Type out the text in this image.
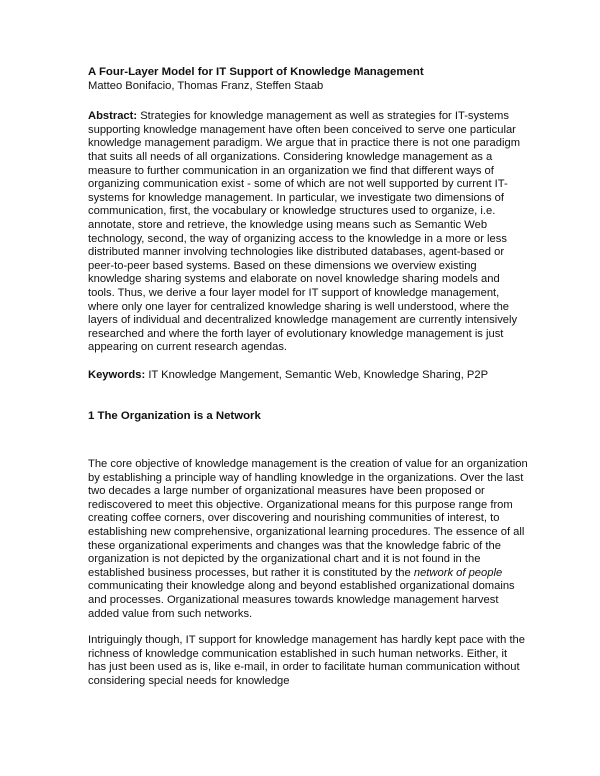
A Four-Layer Model for IT Support of Knowledge Management

Matteo Bonifacio, Thomas Franz, Steffen Staab

Abstract: Strategies for knowledge management as well as strategies for IT-systems supporting knowledge management have often been conceived to serve one particular knowledge management paradigm. We argue that in practice there is not one paradigm that suits all needs of all organizations. Considering knowledge management as a measure to further communication in an organization we find that different ways of organizing communication exist - some of which are not well supported by current IT-systems for knowledge management. In particular, we investigate two dimensions of communication, first, the vocabulary or knowledge structures used to organize, i.e. annotate, store and retrieve, the knowledge using means such as Semantic Web technology, second, the way of organizing access to the knowledge in a more or less distributed manner involving technologies like distributed databases, agent-based or peer-to-peer based systems. Based on these dimensions we overview existing knowledge sharing systems and elaborate on novel knowledge sharing models and tools. Thus, we derive a four layer model for IT support of knowledge management, where only one layer for centralized knowledge sharing is well understood, where the layers of individual and decentralized knowledge management are currently intensively researched and where the forth layer of evolutionary knowledge management is just appearing on current research agendas.

Keywords: IT Knowledge Mangement, Semantic Web, Knowledge Sharing, P2P

1 The Organization is a Network

The core objective of knowledge management is the creation of value for an organization by establishing a principle way of handling knowledge in the organizations. Over the last two decades a large number of organizational measures have been proposed or rediscovered to meet this objective. Organizational means for this purpose range from creating coffee corners, over discovering and nourishing communities of interest, to establishing new comprehensive, organizational learning procedures. The essence of all these organizational experiments and changes was that the knowledge fabric of the organization is not depicted by the organizational chart and it is not found in the established business processes, but rather it is constituted by the network of people communicating their knowledge along and beyond established organizational domains and processes. Organizational measures towards knowledge management harvest added value from such networks.

Intriguingly though, IT support for knowledge management has hardly kept pace with the richness of knowledge communication established in such human networks. Either, it has just been used as is, like e-mail, in order to facilitate human communication without considering special needs for knowledge
